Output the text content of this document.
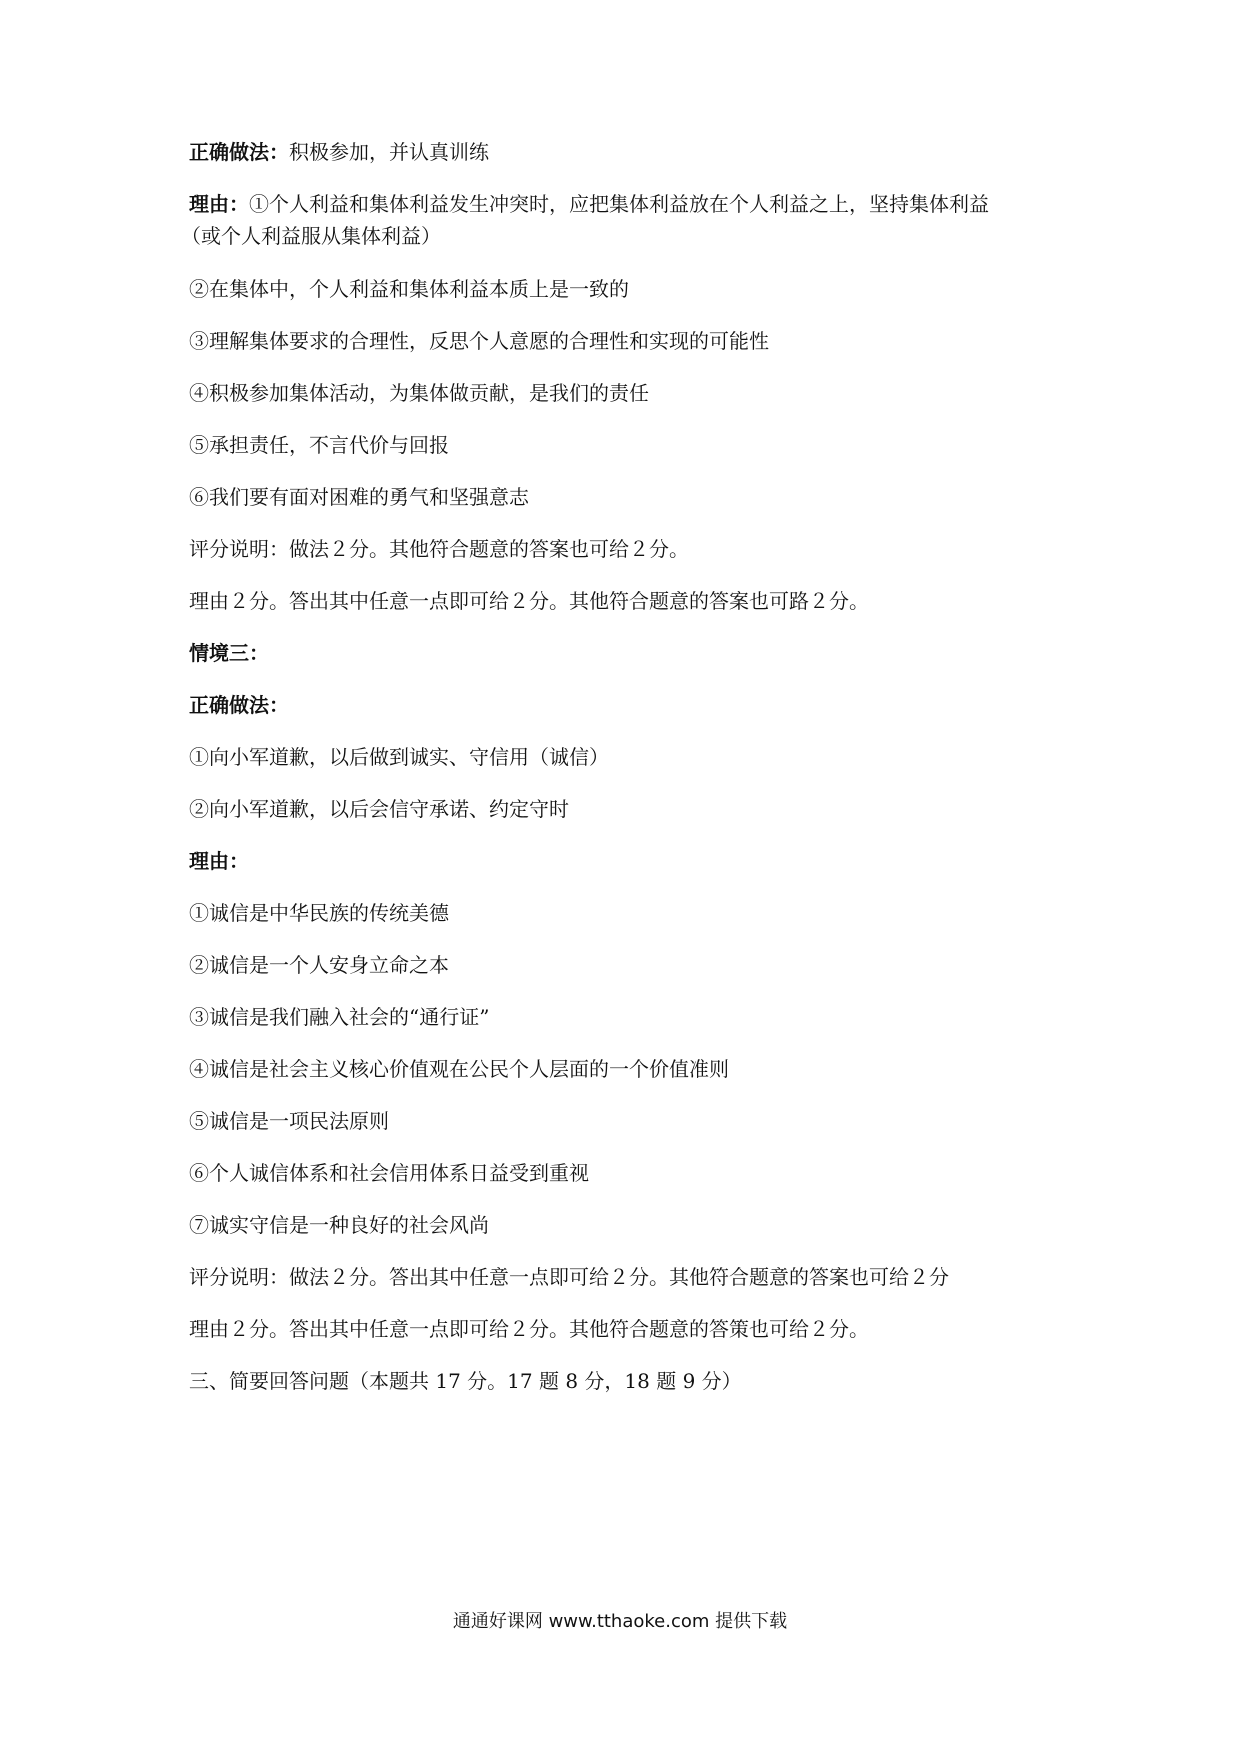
正确做法：积极参加，并认真训练
理由：①个人利益和集体利益发生冲突时，应把集体利益放在个人利益之上，坚持集体利益
（或个人利益服从集体利益）
②在集体中，个人利益和集体利益本质上是一致的
③理解集体要求的合理性，反思个人意愿的合理性和实现的可能性
④积极参加集体活动，为集体做贡献，是我们的责任
⑤承担责任，不言代价与回报
⑥我们要有面对困难的勇气和坚强意志
评分说明：做法２分。其他符合题意的答案也可给２分。
理由２分。答出其中任意一点即可给２分。其他符合题意的答案也可路２分。
情境三：
正确做法：
①向小军道歉，以后做到诚实、守信用（诚信）
②向小军道歉，以后会信守承诺、约定守时
理由：
①诚信是中华民族的传统美德
②诚信是一个人安身立命之本
③诚信是我们融入社会的“通行证”
④诚信是社会主义核心价值观在公民个人层面的一个价值准则
⑤诚信是一项民法原则
⑥个人诚信体系和社会信用体系日益受到重视
⑦诚实守信是一种良好的社会风尚
评分说明：做法２分。答出其中任意一点即可给２分。其他符合题意的答案也可给２分
理由２分。答出其中任意一点即可给２分。其他符合题意的答策也可给２分。
三、简要回答问题（本题共 17 分。17 题 8 分，18 题 9 分）
通通好课网 www.tthaoke.com 提供下载
